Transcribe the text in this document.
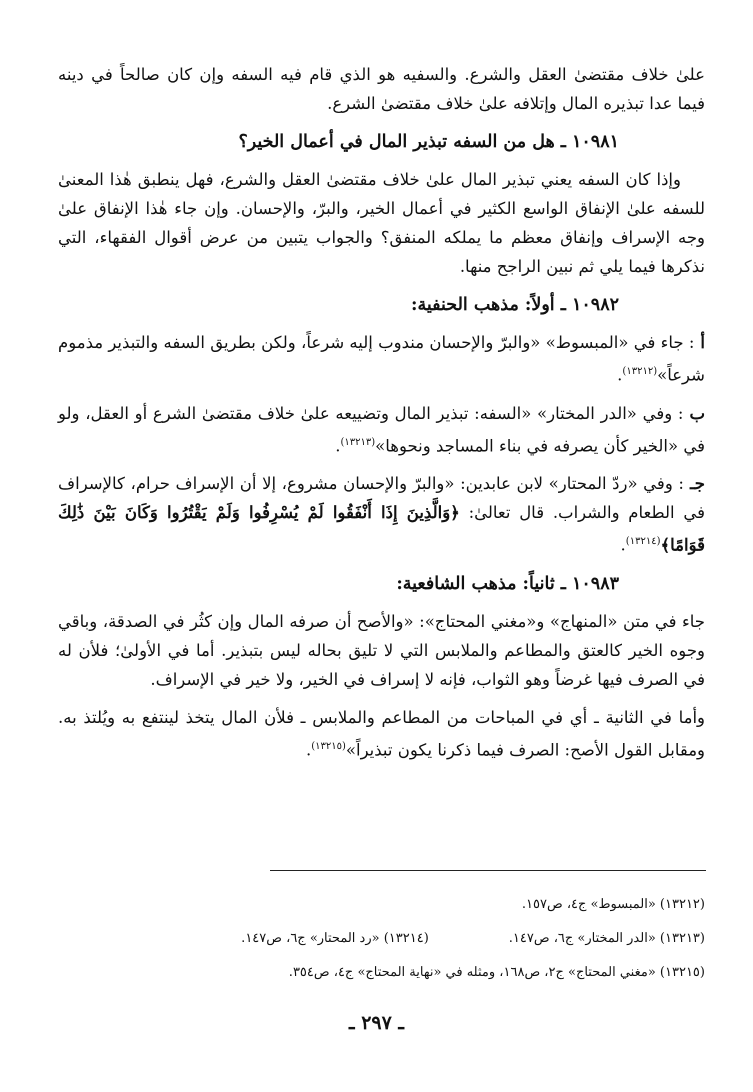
علىٰ خلاف مقتضىٰ العقل والشرع. والسفيه هو الذي قام فيه السفه وإن كان صالحاً في دينه فيما عدا تبذيره المال وإتلافه علىٰ خلاف مقتضىٰ الشرع.

١٠٩٨١ ـ هل من السفه تبذير المال في أعمال الخير؟

وإذا كان السفه يعني تبذير المال علىٰ خلاف مقتضىٰ العقل والشرع، فهل ينطبق هٰذا المعنىٰ للسفه علىٰ الإنفاق الواسع الكثير في أعمال الخير، والبرّ، والإحسان. وإن جاء هٰذا الإنفاق علىٰ وجه الإسراف وإنفاق معظم ما يملكه المنفق؟ والجواب يتبين من عرض أقوال الفقهاء، التي نذكرها فيما يلي ثم نبين الراجح منها.

١٠٩٨٢ ـ أولاً: مذهب الحنفية:

أ: جاء في «المبسوط» «والبرّ والإحسان مندوب إليه شرعاً، ولكن بطريق السفه والتبذير مذموم شرعاً»$^{(١٣٢١٢)}$.

ب: وفي «الدر المختار» «السفه: تبذير المال وتضييعه علىٰ خلاف مقتضىٰ الشرع أو العقل، ولو في «الخير كأن يصرفه في بناء المساجد ونحوها»$^{(١٣٢١٣)}$.

جـ: وفي «ردّ المحتار» لابن عابدين: «والبرّ والإحسان مشروع، إلا أن الإسراف حرام، كالإسراف في الطعام والشراب. قال تعالىٰ: ﴿وَالَّذِينَ إِذَا أَنْفَقُوا لَمْ يُسْرِفُوا وَلَمْ يَقْتُرُوا وَكَانَ بَيْنَ ذَٰلِكَ قَوَامًا﴾$^{(١٣٢١٤)}$.

١٠٩٨٣ ـ ثانياً: مذهب الشافعية:

جاء في متن «المنهاج» و«مغني المحتاج»: «والأصح أن صرفه المال وإن كثُر في الصدقة، وباقي وجوه الخير كالعتق والمطاعم والملابس التي لا تليق بحاله ليس بتبذير. أما في الأولىٰ؛ فلأن له في الصرف فيها غرضاً وهو الثواب، فإنه لا إسراف في الخير، ولا خير في الإسراف.

وأما في الثانية ـ أي في المباحات من المطاعم والملابس ـ فلأن المال يتخذ لينتفع به ويُلتذ به. ومقابل القول الأصح: الصرف فيما ذكرنا يكون تبذيراً»$^{(١٣٢١٥)}$.

(١٣٢١٢) «المبسوط» ج٤، ص١٥٧.
(١٣٢١٣) «الدر المختار» ج٦، ص١٤٧.
(١٣٢١٤) «رد المحتار» ج٦، ص١٤٧.
(١٣٢١٥) «مغني المحتاج» ج٢، ص١٦٨، ومثله في «نهاية المحتاج» ج٤، ص٣٥٤.
ـ ٢٩٧ ـ
